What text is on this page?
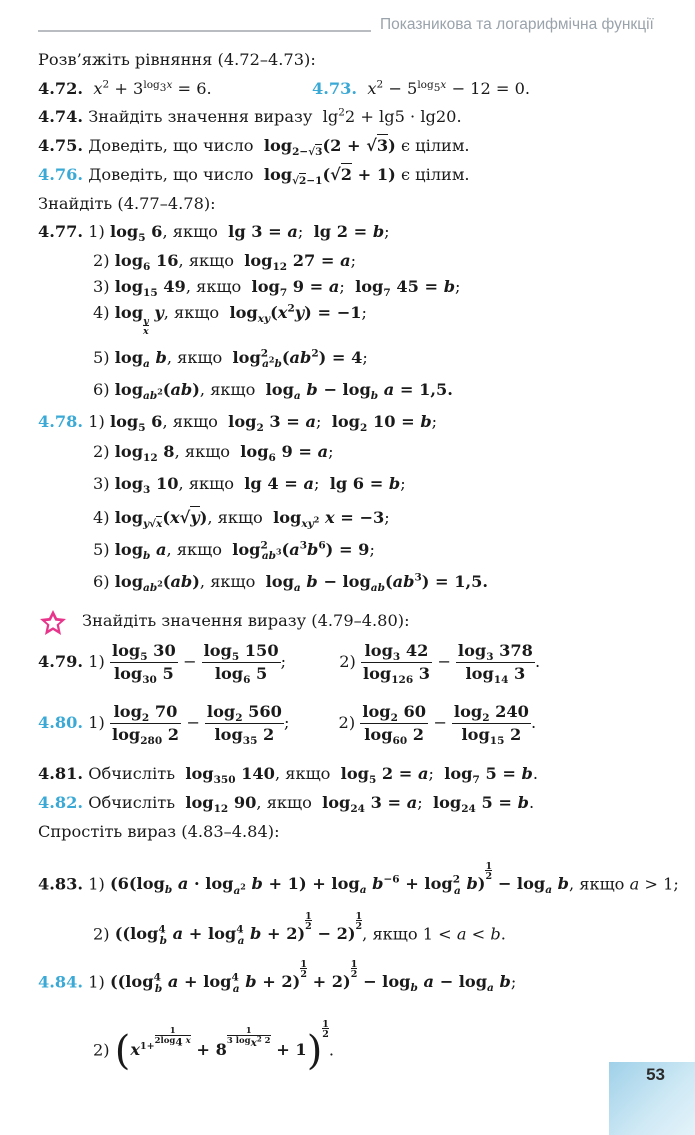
Показникова та логарифмічна функції
Розв’яжіть рівняння (4.72–4.73):
4.72. $x^2 + 3^{log_3x} = 6$.	4.73. $x^2 - 5^{log_5x} - 12 = 0$.
4.74. Знайдіть значення виразу  $\lg^22 + \lg 5 \cdot \lg 20$.
4.75. Доведіть, що число $\log_{2-√3}(2 + √3)$ є цілим.
4.76. Доведіть, що число $\log_{√2-1}(√2 + 1)$ є цілим.
Знайдіть (4.77–4.78):
4.77. 1) $\log_5 6$, якщо lg 3 = a;  lg 2 = b;
2) $\log_6 16$, якщо $\log_{12} 27 = a$;
3) $\log_{15} 49$, якщо $\log_7 9 = a$;  $\log_7 45 = b$;
4) $\log_{\frac{y}{x}} y$, якщо $\log_{xy}(x^2y) = -1$;
5) $\log_a b$, якщо $\log^2_{a^2b}(ab^2) = 4$;
6) $\log_{ab^2}(ab)$, якщо $\log_a b - \log_b a = 1,5$.
4.78. 1) $\log_5 6$, якщо $\log_2 3 = a$;  $\log_2 10 = b$;
2) $\log_{12} 8$, якщо $\log_6 9 = a$;
3) $\log_3 10$, якщо lg 4 = a;  lg 6 = b;
4) $\log_{y√x}(x√y)$, якщо $\log_{xy^2} x = -3$;
5) $\log_b a$, якщо $\log^2_{ab^3}(a^3b^6) = 9$;
6) $\log_{ab^2}(ab)$, якщо $\log_a b - \log_{ab}(ab^3) = 1,5$.
Знайдіть значення виразу (4.79–4.80):
4.79. $1) \frac{\log_5 30}{\log_{30} 5} - \frac{\log_5 150}{\log_6 5}$ ;	$2) \frac{\log_3 42}{\log_{126} 3} - \frac{\log_3 378}{\log_{14} 3}$ .
4.80. $1) \frac{\log_2 70}{\log_{280} 2} - \frac{\log_2 560}{\log_{35} 2}$ ;	$2) \frac{\log_2 60}{\log_{60} 2} - \frac{\log_2 240}{\log_{15} 2}$ .
4.81. Обчисліть $\log_{350} 140$, якщо $\log_5 2 = a$;  $\log_7 5 = b$.
4.82. Обчисліть $\log_{12} 90$, якщо $\log_{24} 3 = a$;  $\log_{24} 5 = b$.
Спростіть вираз (4.83–4.84):
4.83. 1) ($6(\log_b$ $a \cdot \log_{a^2} b + 1) + \log_a b^{-6} + \log^2_a b)^{1 2} - \log_a b$, якщо a > 1;
2) (($\log^4_b$ $a + \log^4_a b + 2)^{1 2} - 2)^{1 2}$, якщо 1 < a < b.
4.84. 1) (($\log^4_b$ $a + \log^4_a b + 2)^{1 2} + 2)^{1 2} - \log_b a - \log_a b$;
2) $(x^{1+1 2log_4 x} + 8^{1 3 log_{x^2} 2} + 1)^{1 2}$.
53
